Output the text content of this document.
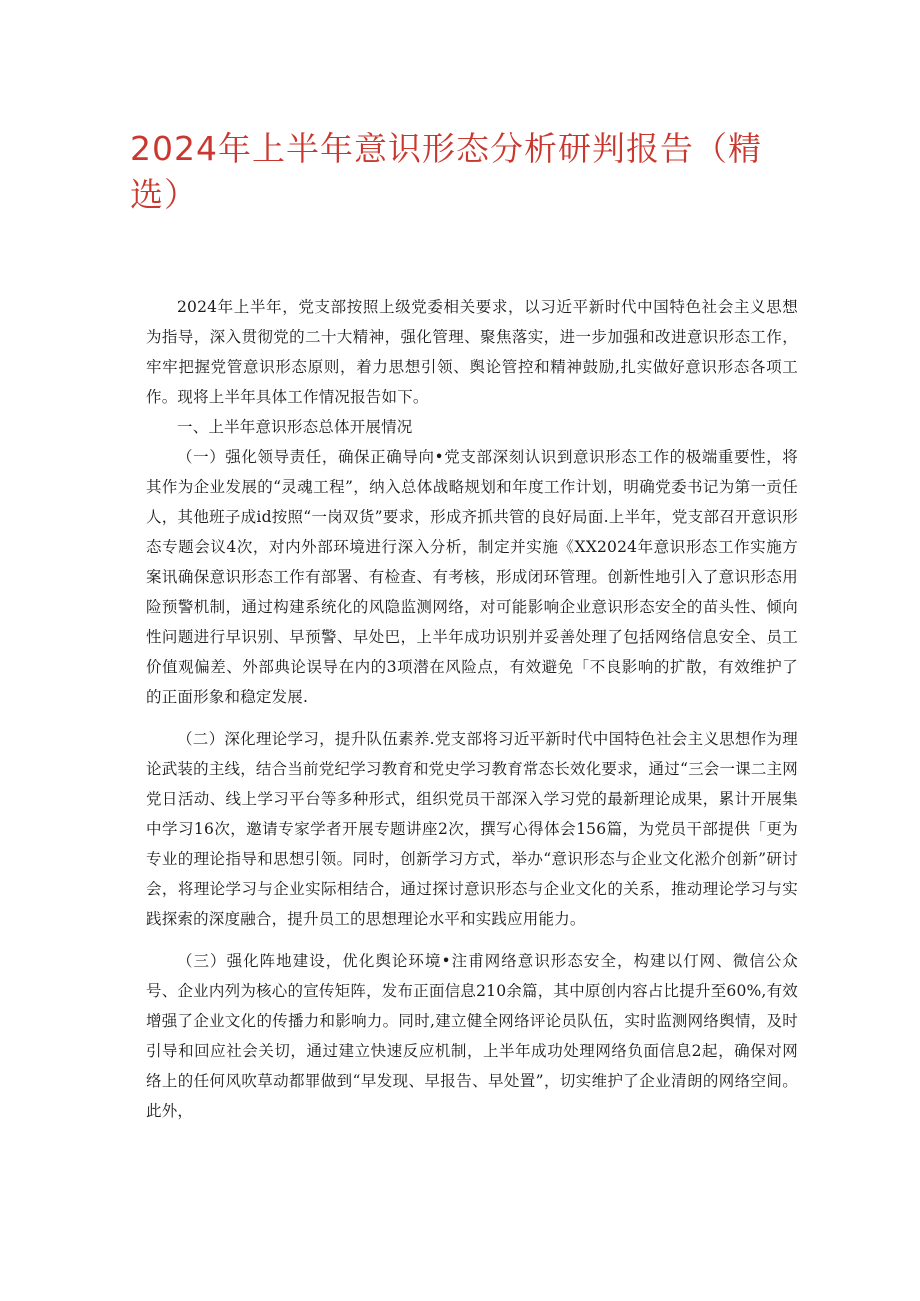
2024年上半年意识形态分析研判报告（精选）

2024年上半年，党支部按照上级党委相关要求，以习近平新时代中国特色社会主义思想为指导，深入贯彻党的二十大精神，强化管理、聚焦落实，进一步加强和改进意识形态工作，牢牢把握党管意识形态原则，着力思想引领、舆论管控和精神鼓励,扎实做好意识形态各项工作。现将上半年具体工作情况报告如下。

一、上半年意识形态总体开展情况

（一）强化领导责任，确保正确导向•党支部深刻认识到意识形态工作的极端重要性，将其作为企业发展的“灵魂工程”，纳入总体战略规划和年度工作计划，明确党委书记为第一贡任人，其他班子成id按照“一岗双货”要求，形成齐抓共管的良好局面.上半年，党支部召开意识形态专题会议4次，对内外部环境进行深入分析，制定并实施《XX2024年意识形态工作实施方案讯确保意识形态工作有部署、有检查、有考核，形成闭环管理。创新性地引入了意识形态用险预警机制，通过构建系统化的风隐监测网络，对可能影响企业意识形态安全的苗头性、倾向性问题进行早识别、早预警、早处巴，上半年成功识别并妥善处理了包括网络信息安全、员工价值观偏差、外部典论误导在内的3项潜在风险点，有效避免「不良影响的扩散，有效维护了的正面形象和稳定发展.

（二）深化理论学习，提升队伍素养.党支部将习近平新时代中国特色社会主义思想作为理论武装的主线，结合当前党纪学习教育和党史学习教育常态长效化要求，通过“三会一课二主网党日活动、线上学习平台等多种形式，组织党员干部深入学习党的最新理论成果，累计开展集中学习16次，邀请专家学者开展专题讲座2次，撰写心得体会156篇，为党员干部提供「更为专业的理论指导和思想引领。同时，创新学习方式，举办“意识形态与企业文化淞介创新”研讨会，将理论学习与企业实际相结合，通过探讨意识形态与企业文化的关系，推动理论学习与实践探索的深度融合，提升员工的思想理论水平和实践应用能力。

（三）强化阵地建设，优化舆论环境•注甫网络意识形态安全，构建以仃网、微信公众号、企业内列为核心的宣传矩阵，发布正面信息210余篇，其中原创内容占比提升至60%,有效增强了企业文化的传播力和影响力。同时,建立健全网络评论员队伍，实时监测网络舆情，及时引导和回应社会关切，通过建立快速反应机制，上半年成功处理网络负面信息2起，确保对网络上的任何风吹草动都罪做到“早发现、早报告、早处置”，切实维护了企业清朗的网络空间。此外，
